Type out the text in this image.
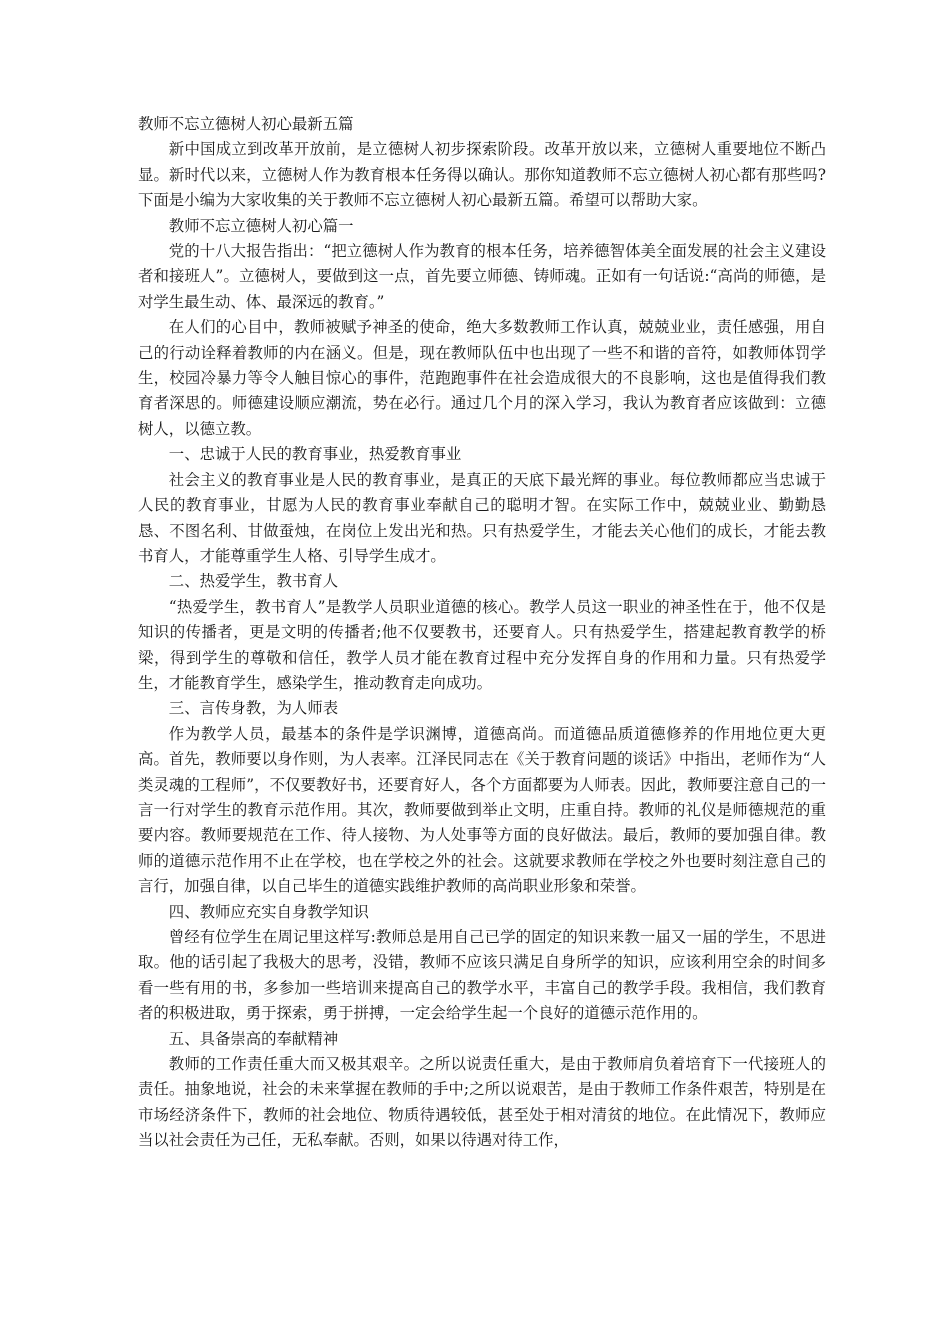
教师不忘立德树人初心最新五篇

新中国成立到改革开放前，是立德树人初步探索阶段。改革开放以来，立德树人重要地位不断凸显。新时代以来，立德树人作为教育根本任务得以确认。那你知道教师不忘立德树人初心都有那些吗?下面是小编为大家收集的关于教师不忘立德树人初心最新五篇。希望可以帮助大家。

教师不忘立德树人初心篇一

党的十八大报告指出：“把立德树人作为教育的根本任务，培养德智体美全面发展的社会主义建设者和接班人”。立德树人，要做到这一点，首先要立师德、铸师魂。正如有一句话说:“高尚的师德，是对学生最生动、体、最深远的教育。”

在人们的心目中，教师被赋予神圣的使命，绝大多数教师工作认真，兢兢业业，责任感强，用自己的行动诠释着教师的内在涵义。但是，现在教师队伍中也出现了一些不和谐的音符，如教师体罚学生，校园冷暴力等令人触目惊心的事件，范跑跑事件在社会造成很大的不良影响，这也是值得我们教育者深思的。师德建设顺应潮流，势在必行。通过几个月的深入学习，我认为教育者应该做到：立德树人，以德立教。

一、忠诚于人民的教育事业，热爱教育事业

社会主义的教育事业是人民的教育事业，是真正的天底下最光辉的事业。每位教师都应当忠诚于人民的教育事业，甘愿为人民的教育事业奉献自己的聪明才智。在实际工作中，兢兢业业、勤勤恳恳、不图名利、甘做蚕烛，在岗位上发出光和热。只有热爱学生，才能去关心他们的成长，才能去教书育人，才能尊重学生人格、引导学生成才。

二、热爱学生，教书育人

“热爱学生，教书育人”是教学人员职业道德的核心。教学人员这一职业的神圣性在于，他不仅是知识的传播者，更是文明的传播者;他不仅要教书，还要育人。只有热爱学生，搭建起教育教学的桥梁，得到学生的尊敬和信任，教学人员才能在教育过程中充分发挥自身的作用和力量。只有热爱学生，才能教育学生，感染学生，推动教育走向成功。

三、言传身教，为人师表

作为教学人员，最基本的条件是学识渊博，道德高尚。而道德品质道德修养的作用地位更大更高。首先，教师要以身作则，为人表率。江泽民同志在《关于教育问题的谈话》中指出，老师作为“人类灵魂的工程师”，不仅要教好书，还要育好人，各个方面都要为人师表。因此，教师要注意自己的一言一行对学生的教育示范作用。其次，教师要做到举止文明，庄重自持。教师的礼仪是师德规范的重要内容。教师要规范在工作、待人接物、为人处事等方面的良好做法。最后，教师的要加强自律。教师的道德示范作用不止在学校，也在学校之外的社会。这就要求教师在学校之外也要时刻注意自己的言行，加强自律，以自己毕生的道德实践维护教师的高尚职业形象和荣誉。

四、教师应充实自身教学知识

曾经有位学生在周记里这样写:教师总是用自己已学的固定的知识来教一届又一届的学生，不思进取。他的话引起了我极大的思考，没错，教师不应该只满足自身所学的知识，应该利用空余的时间多看一些有用的书，多参加一些培训来提高自己的教学水平，丰富自己的教学手段。我相信，我们教育者的积极进取，勇于探索，勇于拼搏，一定会给学生起一个良好的道德示范作用的。

五、具备崇高的奉献精神

教师的工作责任重大而又极其艰辛。之所以说责任重大，是由于教师肩负着培育下一代接班人的责任。抽象地说，社会的未来掌握在教师的手中;之所以说艰苦，是由于教师工作条件艰苦，特别是在市场经济条件下，教师的社会地位、物质待遇较低，甚至处于相对清贫的地位。在此情况下，教师应当以社会责任为己任，无私奉献。否则，如果以待遇对待工作，
